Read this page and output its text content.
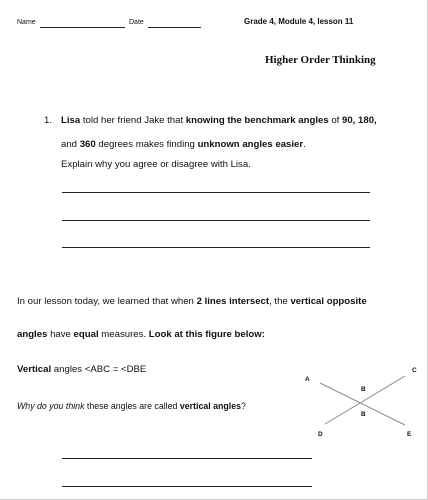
Name	Date	Grade 4, Module 4, lesson 11
Higher Order Thinking
1. Lisa told her friend Jake that knowing the benchmark angles of 90, 180, and 360 degrees makes finding unknown angles easier.
Explain why you agree or disagree with Lisa.
In our lesson today, we learned that when 2 lines intersect, the vertical opposite
angles have equal measures. Look at this figure below:
Vertical angles <ABC = <DBE
Why do you think these angles are called vertical angles?
A
C
B
B
D	E
